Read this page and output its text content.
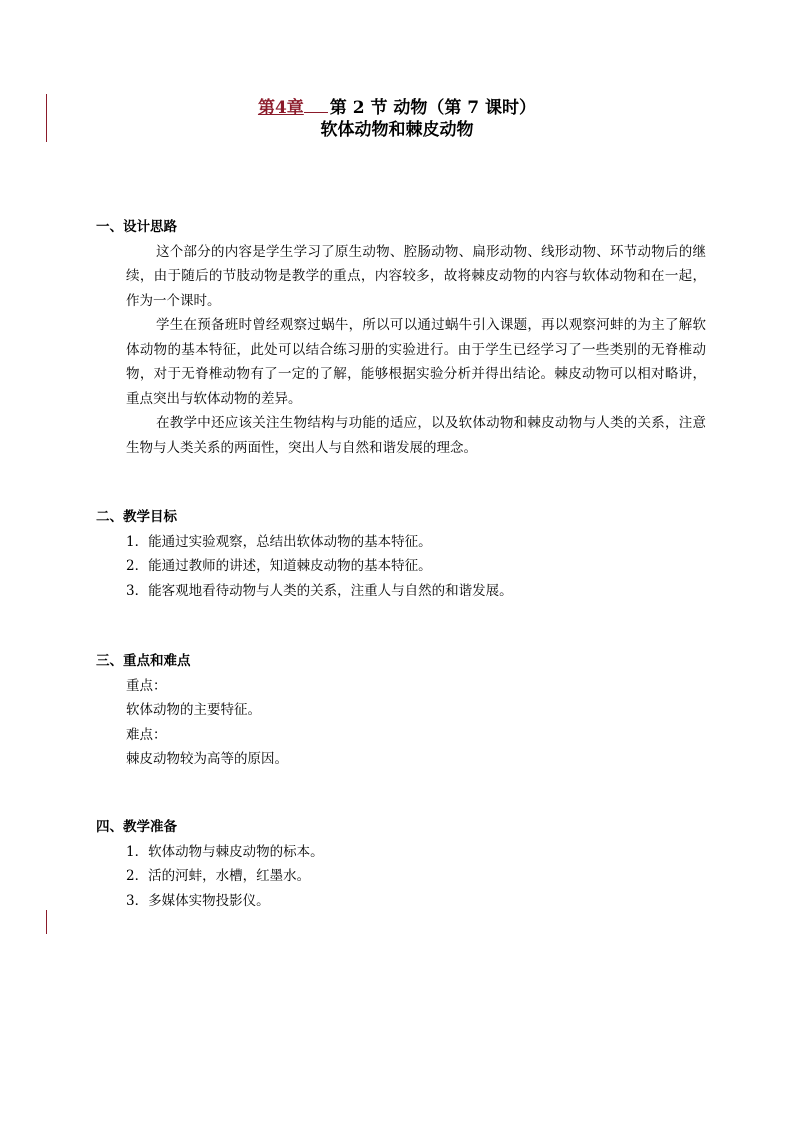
第4章 第 2 节 动物（第 7 课时）
软体动物和棘皮动物

一、设计思路

这个部分的内容是学生学习了原生动物、腔肠动物、扁形动物、线形动物、环节动物后的继续，由于随后的节肢动物是教学的重点，内容较多，故将棘皮动物的内容与软体动物和在一起，作为一个课时。

学生在预备班时曾经观察过蜗牛，所以可以通过蜗牛引入课题，再以观察河蚌的为主了解软体动物的基本特征，此处可以结合练习册的实验进行。由于学生已经学习了一些类别的无脊椎动物，对于无脊椎动物有了一定的了解，能够根据实验分析并得出结论。棘皮动物可以相对略讲，重点突出与软体动物的差异。

在教学中还应该关注生物结构与功能的适应，以及软体动物和棘皮动物与人类的关系，注意生物与人类关系的两面性，突出人与自然和谐发展的理念。

二、教学目标

1．能通过实验观察，总结出软体动物的基本特征。

2．能通过教师的讲述，知道棘皮动物的基本特征。

3．能客观地看待动物与人类的关系，注重人与自然的和谐发展。

三、重点和难点

重点：

软体动物的主要特征。

难点：

棘皮动物较为高等的原因。

四、教学准备

1．软体动物与棘皮动物的标本。

2．活的河蚌，水槽，红墨水。

3．多媒体实物投影仪。
